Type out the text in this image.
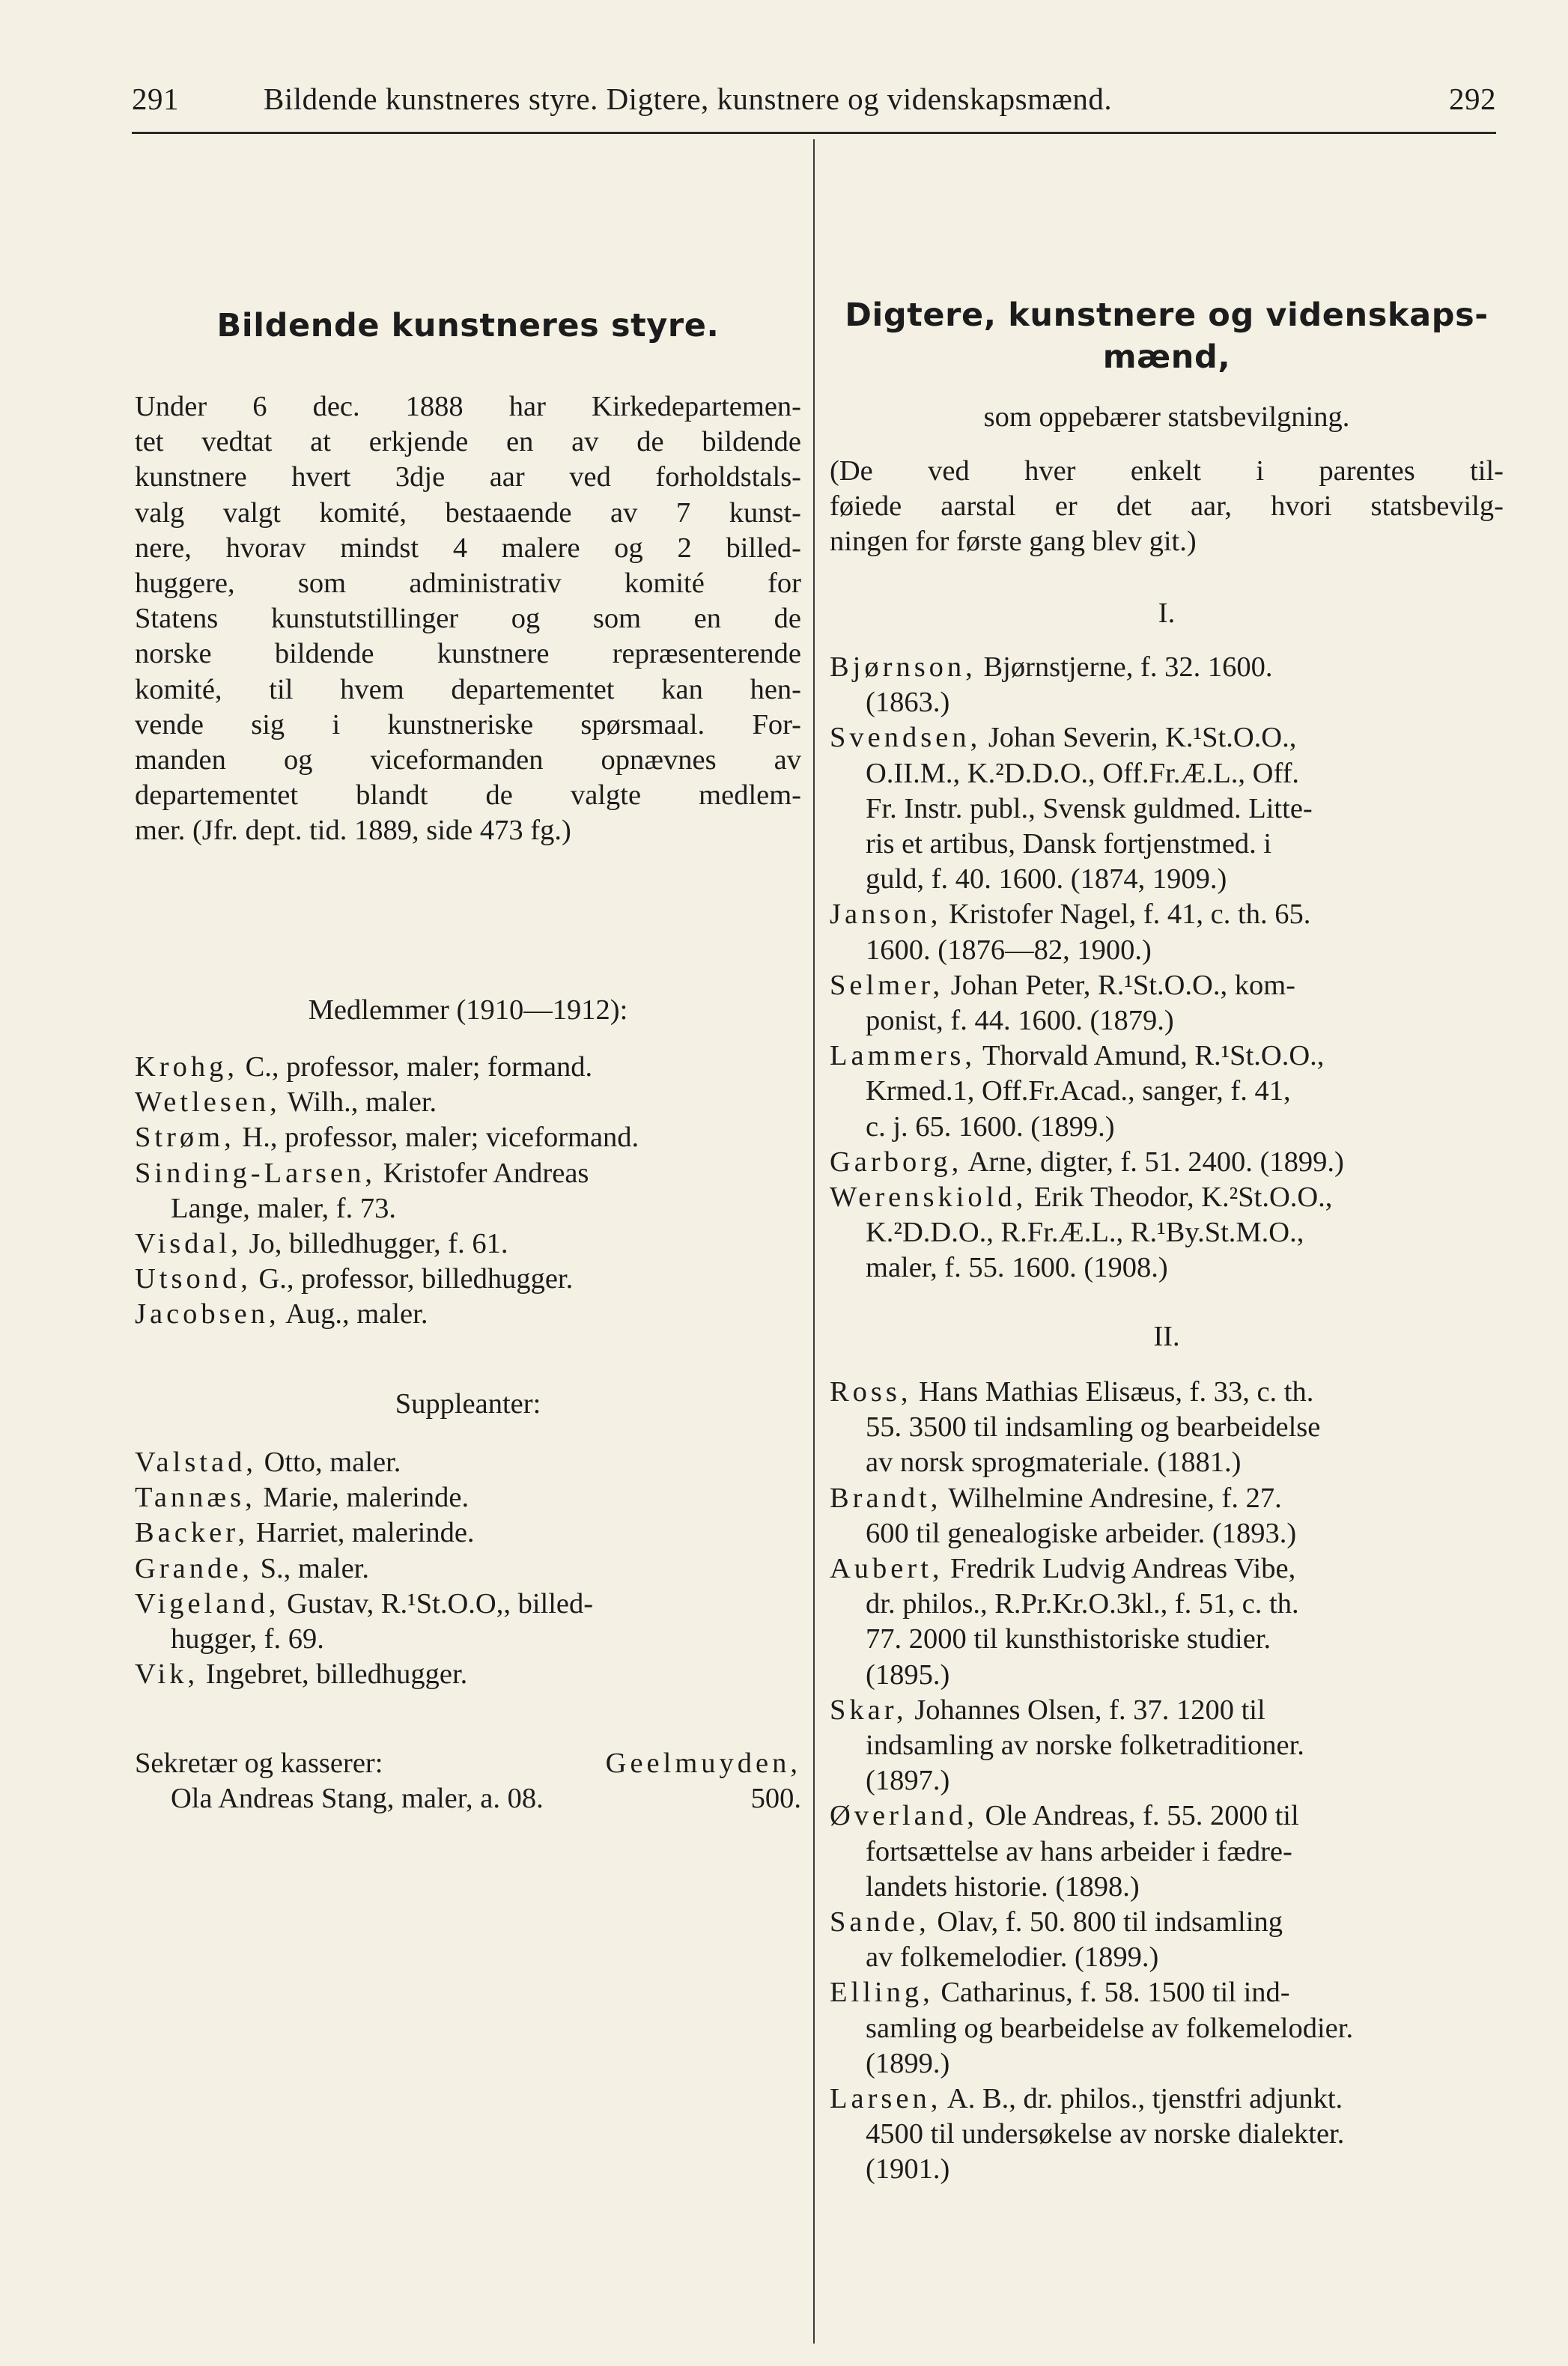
291	Bildende kunstneres styre. Digtere, kunstnere og videnskapsmænd.	292
Bildende kunstneres styre.
Under 6 dec. 1888 har Kirkedepartemen-
tet vedtat at erkjende en av de bildende
kunstnere hvert 3dje aar ved forholdstals-
valg valgt komité, bestaaende av 7 kunst-
nere, hvorav mindst 4 malere og 2 billed-
huggere, som administrativ komité for
Statens kunstutstillinger og som en de
norske bildende kunstnere repræsenterende
komité, til hvem departementet kan hen-
vende sig i kunstneriske spørsmaal. For-
manden og viceformanden opnævnes av
departementet blandt de valgte medlem-
mer. (Jfr. dept. tid. 1889, side 473 fg.)
Medlemmer (1910—1912):
Krohg, C., professor, maler; formand.
Wetlesen, Wilh., maler.
Strøm, H., professor, maler; viceformand.
Sinding-Larsen, Kristofer Andreas
Lange, maler, f. 73.
Visdal, Jo, billedhugger, f. 61.
Utsond, G., professor, billedhugger.
Jacobsen, Aug., maler.
Suppleanter:
Valstad, Otto, maler.
Tannæs, Marie, malerinde.
Backer, Harriet, malerinde.
Grande, S., maler.
Vigeland, Gustav, R.¹St.O.O,, billed-
hugger, f. 69.
Vik, Ingebret, billedhugger.
Sekretær og kasserer:	Geelmuyden,
Ola Andreas Stang, maler, a. 08.	500.
Digtere, kunstnere og videnskaps-
mænd,
som oppebærer statsbevilgning.
(De ved hver enkelt i parentes til-
føiede aarstal er det aar, hvori statsbevilg-
ningen for første gang blev git.)
I.
Bjørnson, Bjørnstjerne, f. 32. 1600.
(1863.)
Svendsen, Johan Severin, K.¹St.O.O.,
O.II.M., K.²D.D.O., Off.Fr.Æ.L., Off.
Fr. Instr. publ., Svensk guldmed. Litte-
ris et artibus, Dansk fortjenstmed. i
guld, f. 40. 1600. (1874, 1909.)
Janson, Kristofer Nagel, f. 41, c. th. 65.
1600. (1876—82, 1900.)
Selmer, Johan Peter, R.¹St.O.O., kom-
ponist, f. 44. 1600. (1879.)
Lammers, Thorvald Amund, R.¹St.O.O.,
Krmed.1, Off.Fr.Acad., sanger, f. 41,
c. j. 65. 1600. (1899.)
Garborg, Arne, digter, f. 51. 2400. (1899.)
Werenskiold, Erik Theodor, K.²St.O.O.,
K.²D.D.O., R.Fr.Æ.L., R.¹By.St.M.O.,
maler, f. 55. 1600. (1908.)
II.
Ross, Hans Mathias Elisæus, f. 33, c. th.
55. 3500 til indsamling og bearbeidelse
av norsk sprogmateriale. (1881.)
Brandt, Wilhelmine Andresine, f. 27.
600 til genealogiske arbeider. (1893.)
Aubert, Fredrik Ludvig Andreas Vibe,
dr. philos., R.Pr.Kr.O.3kl., f. 51, c. th.
77. 2000 til kunsthistoriske studier.
(1895.)
Skar, Johannes Olsen, f. 37. 1200 til
indsamling av norske folketraditioner.
(1897.)
Øverland, Ole Andreas, f. 55. 2000 til
fortsættelse av hans arbeider i fædre-
landets historie. (1898.)
Sande, Olav, f. 50. 800 til indsamling
av folkemelodier. (1899.)
Elling, Catharinus, f. 58. 1500 til ind-
samling og bearbeidelse av folkemelodier.
(1899.)
Larsen, A. B., dr. philos., tjenstfri adjunkt.
4500 til undersøkelse av norske dialekter.
(1901.)
